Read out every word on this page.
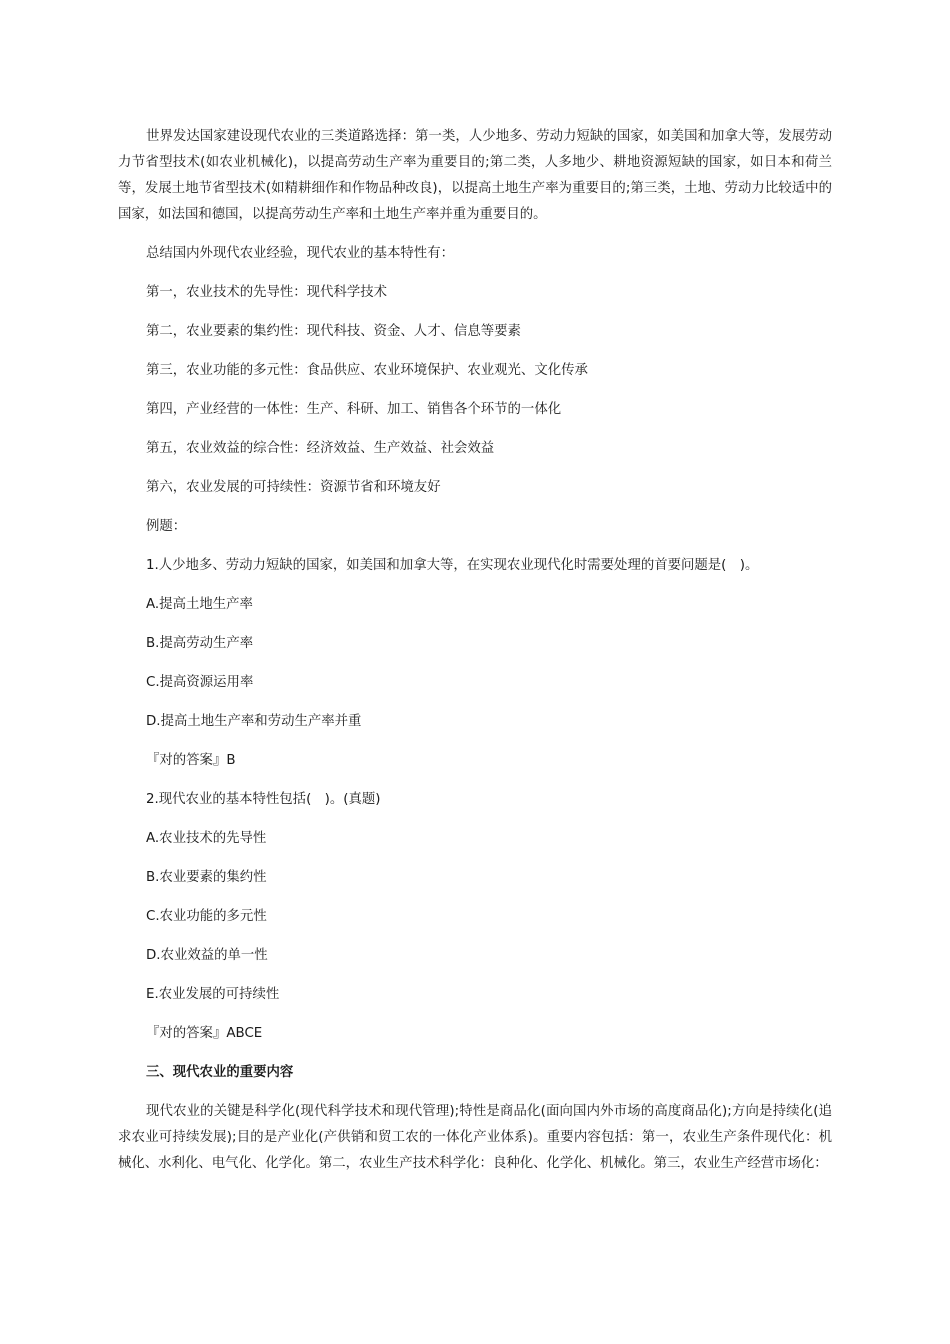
世界发达国家建设现代农业的三类道路选择：第一类，人少地多、劳动力短缺的国家，如美国和加拿大等，发展劳动力节省型技术(如农业机械化)，以提高劳动生产率为重要目的;第二类，人多地少、耕地资源短缺的国家，如日本和荷兰等，发展土地节省型技术(如精耕细作和作物品种改良)，以提高土地生产率为重要目的;第三类，土地、劳动力比较适中的国家，如法国和德国，以提高劳动生产率和土地生产率并重为重要目的。

总结国内外现代农业经验，现代农业的基本特性有：

第一，农业技术的先导性：现代科学技术

第二，农业要素的集约性：现代科技、资金、人才、信息等要素

第三，农业功能的多元性：食品供应、农业环境保护、农业观光、文化传承

第四，产业经营的一体性：生产、科研、加工、销售各个环节的一体化

第五，农业效益的综合性：经济效益、生产效益、社会效益

第六，农业发展的可持续性：资源节省和环境友好

例题：

1.人少地多、劳动力短缺的国家，如美国和加拿大等，在实现农业现代化时需要处理的首要问题是(　)。

A.提高土地生产率

B.提高劳动生产率

C.提高资源运用率

D.提高土地生产率和劳动生产率并重

『对的答案』B

2.现代农业的基本特性包括(　)。(真题)

A.农业技术的先导性

B.农业要素的集约性

C.农业功能的多元性

D.农业效益的单一性

E.农业发展的可持续性

『对的答案』ABCE

三、现代农业的重要内容

现代农业的关键是科学化(现代科学技术和现代管理);特性是商品化(面向国内外市场的高度商品化);方向是持续化(追求农业可持续发展);目的是产业化(产供销和贸工农的一体化产业体系)。重要内容包括：第一，农业生产条件现代化：机械化、水利化、电气化、化学化。第二，农业生产技术科学化：良种化、化学化、机械化。第三，农业生产经营市场化：
